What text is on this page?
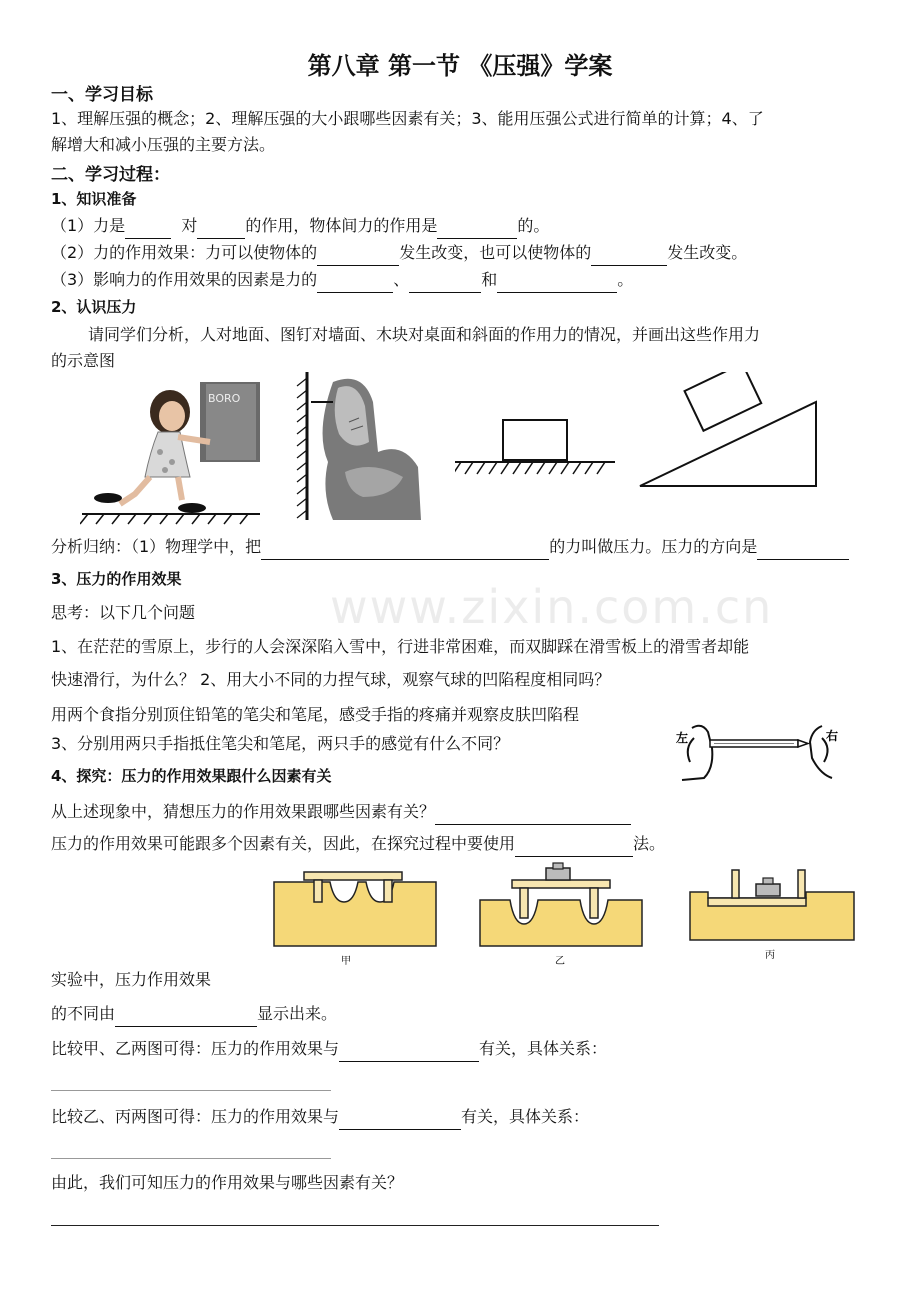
第八章 第一节 《压强》学案
一、学习目标
1、理解压强的概念；2、理解压强的大小跟哪些因素有关；3、能用压强公式进行简单的计算；4、了
解增大和减小压强的主要方法。
二、学习过程：
1、知识准备
（1）力是	对	的作用，物体间力的作用是	的。
（2）力的作用效果：力可以使物体的	发生改变，也可以使物体的	发生改变。
（3）影响力的作用效果的因素是力的	、	和	。
2、认识压力
请同学们分析，人对地面、图钉对墙面、木块对桌面和斜面的作用力的情况，并画出这些作用力
的示意图
BORO
分析归纳：（1）物理学中，把	的力叫做压力。压力的方向是
www.zixin.com.cn
3、压力的作用效果
思考：以下几个问题
1、在茫茫的雪原上，步行的人会深深陷入雪中，行进非常困难，而双脚踩在滑雪板上的滑雪者却能
快速滑行，为什么？ 2、用大小不同的力捏气球，观察气球的凹陷程度相同吗？
用两个食指分别顶住铅笔的笔尖和笔尾，感受手指的疼痛并观察皮肤凹陷程
3、分别用两只手指抵住笔尖和笔尾，两只手的感觉有什么不同？	左	右
4、探究：压力的作用效果跟什么因素有关
从上述现象中，猜想压力的作用效果跟哪些因素有关？
压力的作用效果可能跟多个因素有关，因此，在探究过程中要使用	法。
甲	乙
丙
实验中，压力作用效果
的不同由	显示出来。
比较甲、乙两图可得：压力的作用效果与	有关，具体关系：
比较乙、丙两图可得：压力的作用效果与	有关，具体关系：
由此，我们可知压力的作用效果与哪些因素有关？
